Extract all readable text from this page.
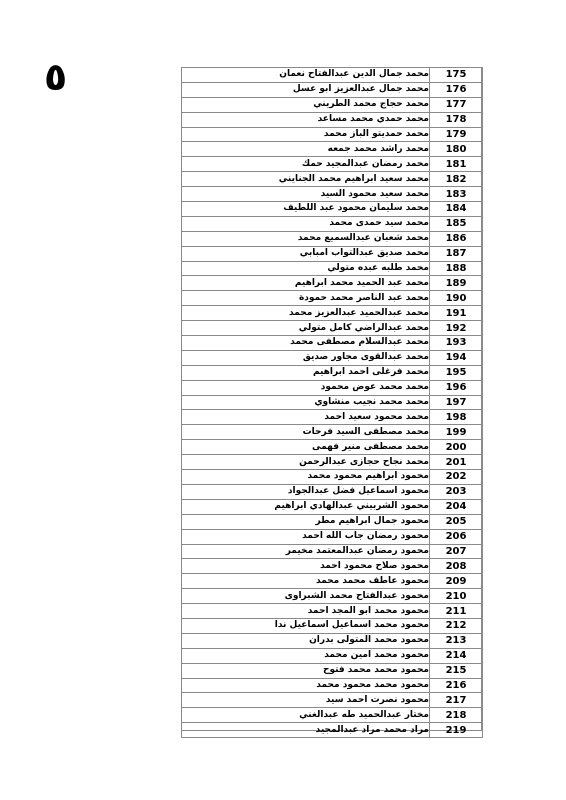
٥	محمد جمال الدين عبدالفتاح نعمان	175
محمد جمال عبدالعزيز ابو عسل	176
محمد حجاج محمد الطريني	177
محمد حمدي محمد مساعد	178
محمد حمديتو الباز محمد	179
محمد راشد محمد جمعه	180
محمد رمضان عبدالمجيد حمك	181
محمد سعيد ابراهيم محمد الجنايني	182
محمد سعيد محمود السيد	183
محمد سليمان محمود عبد اللطيف	184
محمد سيد حمدى محمد	185
محمد شعبان عبدالسميع محمد	186
محمد صديق عبدالتواب امبابي	187
محمد طلبه عبده متولي	188
محمد عبد الحميد محمد ابراهيم	189
محمد عبد الناصر محمد حمودة	190
محمد عبدالحميد عبدالعزيز محمد	191
محمد عبدالراضي كامل متولي	192
محمد عبدالسلام مصطفى محمد	193
محمد عبدالقوى مجاور صديق	194
محمد فرغلى احمد ابراهيم	195
محمد محمد عوض محمود	196
محمد محمد نجيب منشاوي	197
محمد محمود سعيد احمد	198
محمد مصطفى السيد فرحات	199
محمد مصطفى منير فهمى	200
محمد نجاح حجازى عبدالرحمن	201
محمود ابراهيم محمود محمد	202
محمود اسماعيل فضل عبدالجواد	203
محمود الشربيني عبدالهادي ابراهيم	204
محمود جمال ابراهيم مطر	205
محمود رمضان جاب الله احمد	206
محمود رمضان عبدالمعتمد مخيمر	207
محمود صلاح محمود احمد	208
محمود عاطف محمد محمد	209
محمود عبدالفتاح محمد الشبراوى	210
محمود محمد ابو المجد احمد	211
محمود محمد اسماعيل اسماعيل ندا	212
محمود محمد المتولى بدران	213
محمود محمد امين محمد	214
محمود محمد محمد فتوح	215
محمود محمد محمود محمد	216
محمود نصرت احمد سيد	217
مختار عبدالحميد طه عبدالغني	218
مراد محمد مراد عبدالمجيد	219
